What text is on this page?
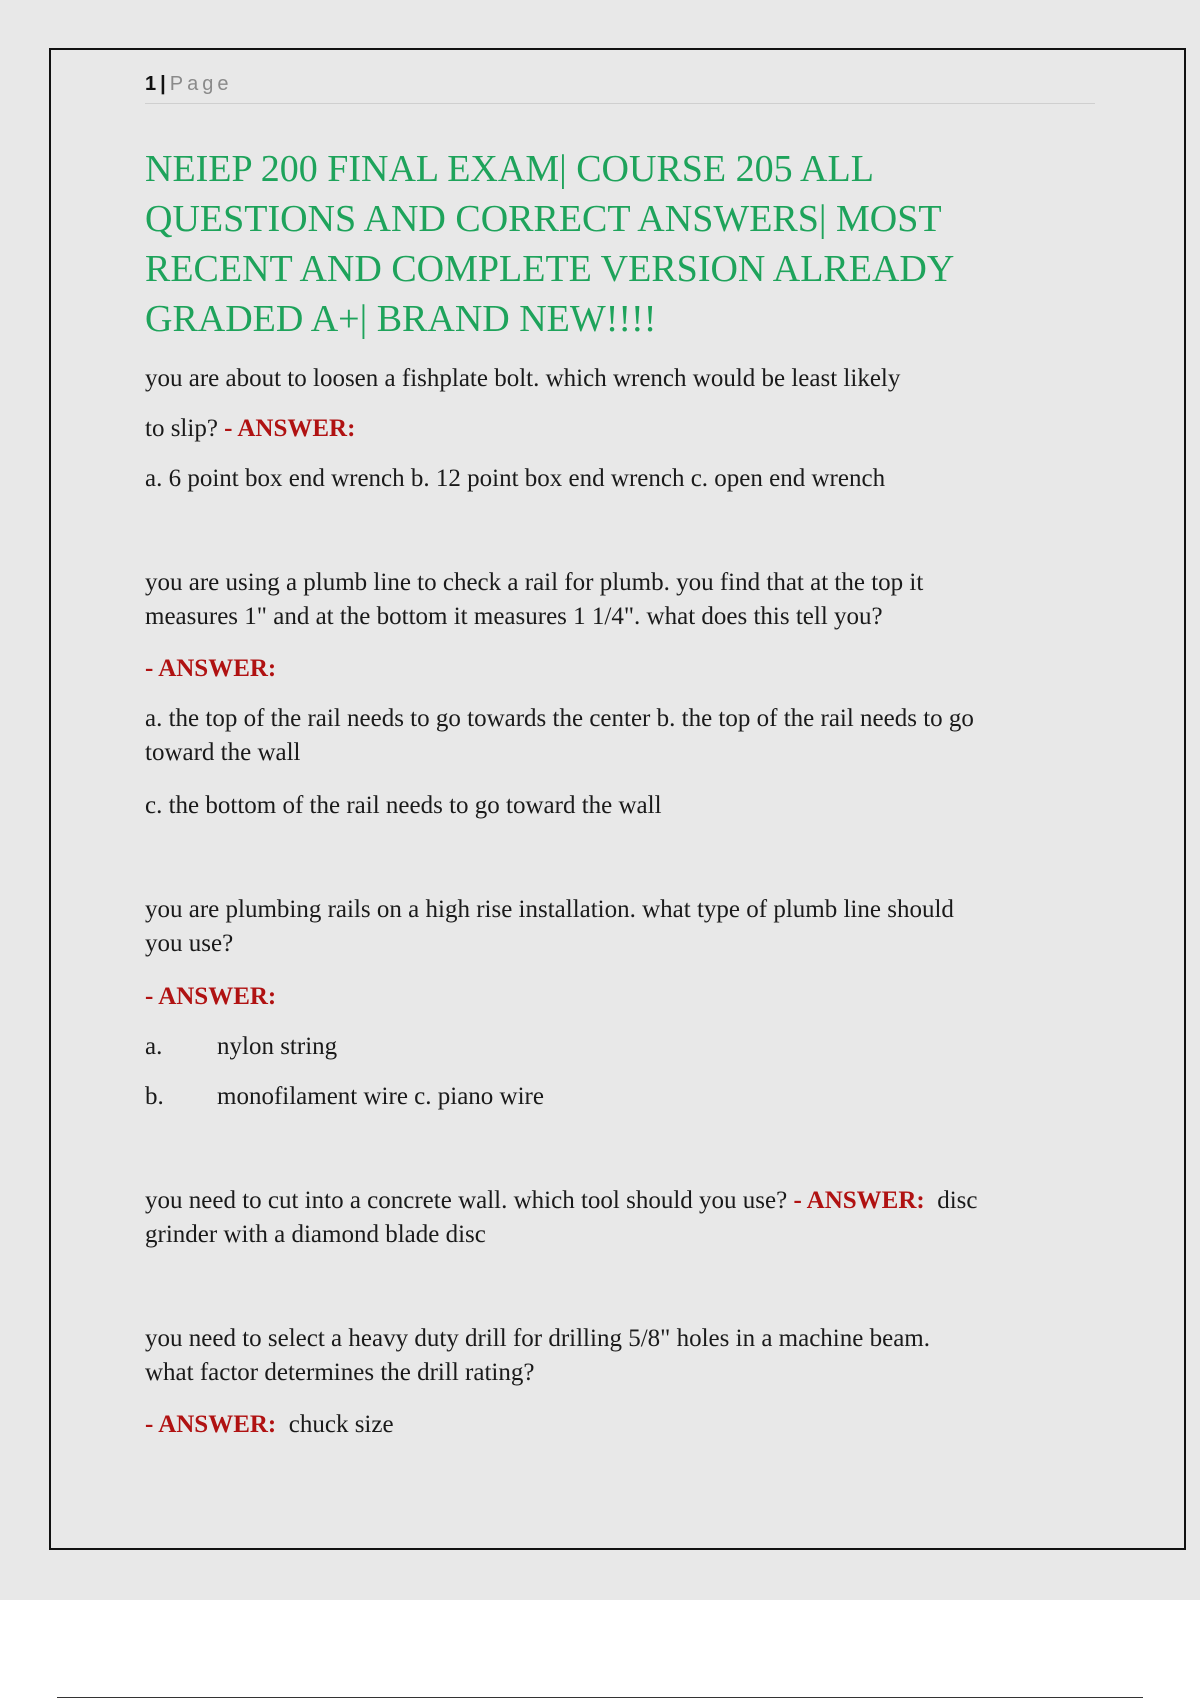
1 | Page
NEIEP 200 FINAL EXAM| COURSE 205 ALL
QUESTIONS AND CORRECT ANSWERS| MOST
RECENT AND COMPLETE VERSION ALREADY
GRADED A+| BRAND NEW!!!!

you are about to loosen a fishplate bolt. which wrench would be least likely

to slip? - ANSWER:

a. 6 point box end wrench b. 12 point box end wrench c. open end wrench

you are using a plumb line to check a rail for plumb. you find that at the top it
measures 1" and at the bottom it measures 1 1/4". what does this tell you?

- ANSWER:

a. the top of the rail needs to go towards the center b. the top of the rail needs to go
toward the wall

c. the bottom of the rail needs to go toward the wall

you are plumbing rails on a high rise installation. what type of plumb line should
you use?

- ANSWER:

a. nylon string

b. monofilament wire c. piano wire

you need to cut into a concrete wall. which tool should you use? - ANSWER: disc
grinder with a diamond blade disc

you need to select a heavy duty drill for drilling 5/8" holes in a machine beam.
what factor determines the drill rating?

- ANSWER: chuck size
